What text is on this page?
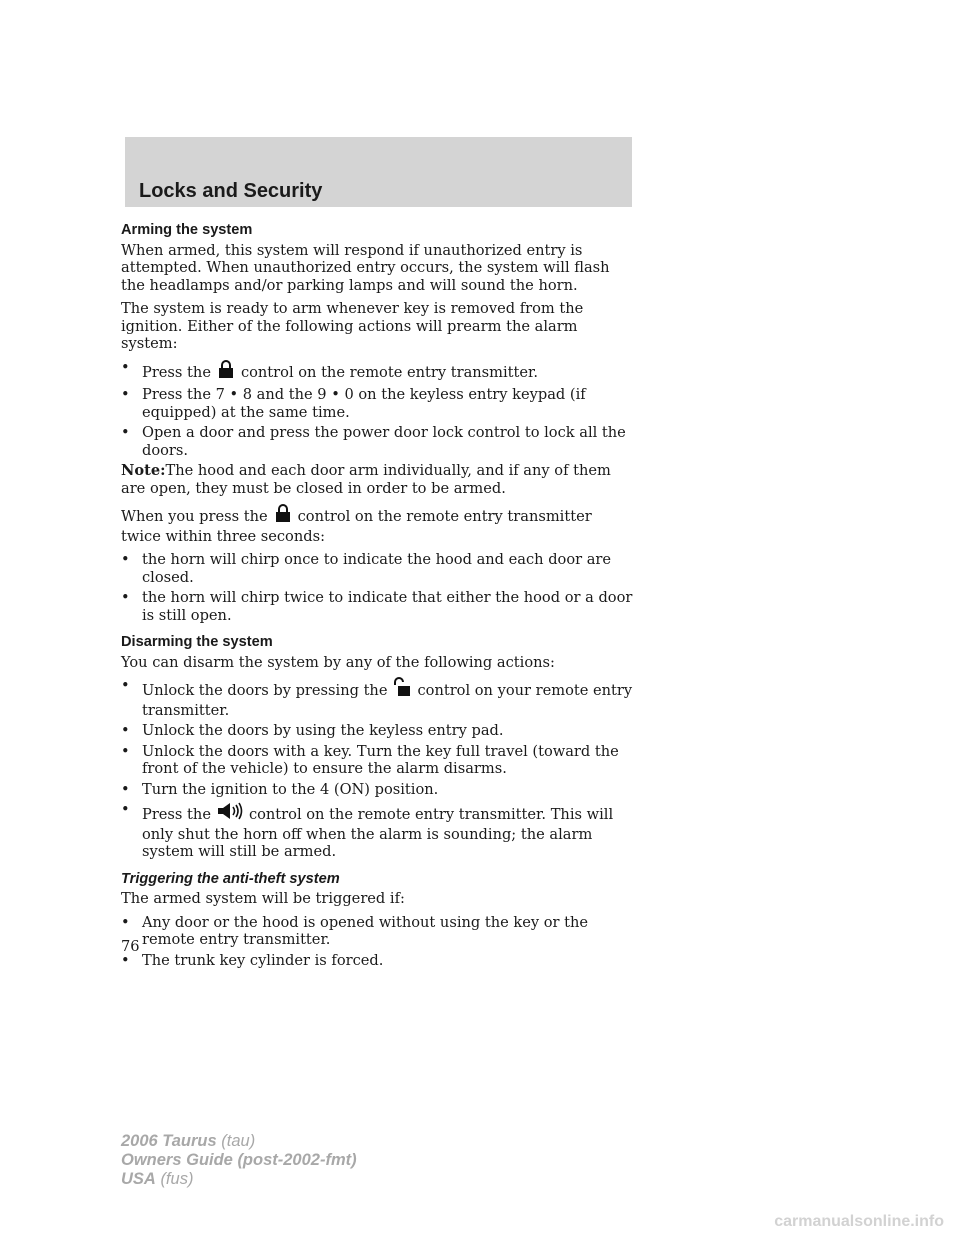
Locks and Security
Arming the system
When armed, this system will respond if unauthorized entry is attempted. When unauthorized entry occurs, the system will flash the headlamps and/or parking lamps and will sound the horn.
The system is ready to arm whenever key is removed from the ignition. Either of the following actions will prearm the alarm system:
• Press the control on the remote entry transmitter.
• Press the 7 • 8 and the 9 • 0 on the keyless entry keypad (if equipped) at the same time.
• Open a door and press the power door lock control to lock all the doors.
Note:The hood and each door arm individually, and if any of them are open, they must be closed in order to be armed.
When you press the control on the remote entry transmitter twice within three seconds:
• the horn will chirp once to indicate the hood and each door are closed.
• the horn will chirp twice to indicate that either the hood or a door is still open.
Disarming the system
You can disarm the system by any of the following actions:
• Unlock the doors by pressing the control on your remote entry transmitter.
• Unlock the doors by using the keyless entry pad.
• Unlock the doors with a key. Turn the key full travel (toward the front of the vehicle) to ensure the alarm disarms.
• Turn the ignition to the 4 (ON) position.
• Press the	control on the remote entry transmitter. This will only shut the horn off when the alarm is sounding; the alarm system will still be armed.
Triggering the anti-theft system
The armed system will be triggered if:
• Any door or the hood is opened without using the key or the remote entry transmitter.
• The trunk key cylinder is forced.
76
2006 Taurus (tau)
Owners Guide (post-2002-fmt)
USA (fus)
carmanualsonline.info
